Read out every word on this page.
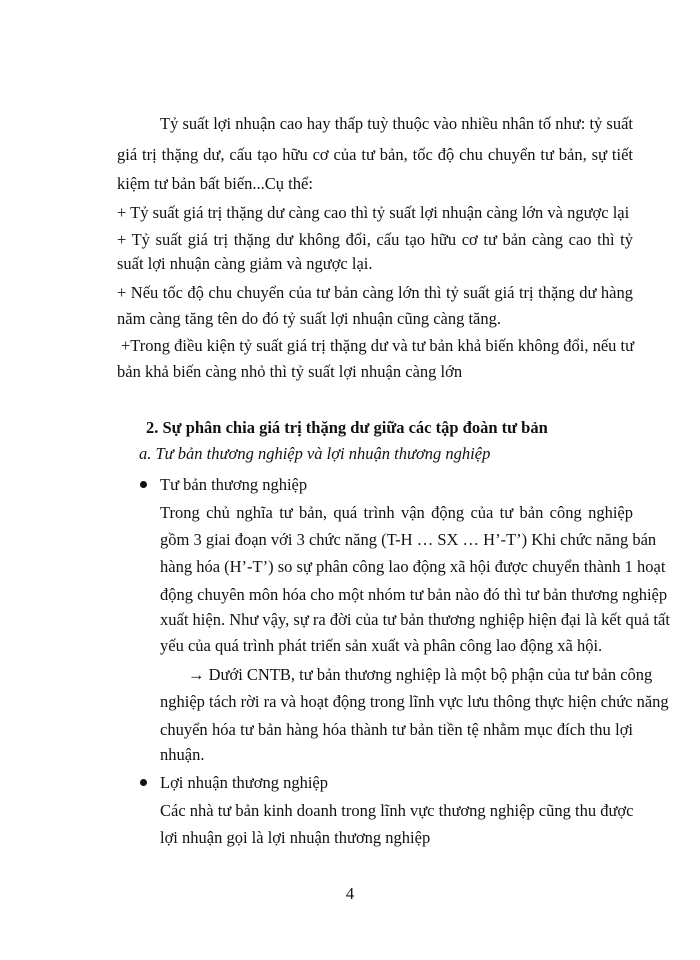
Tỷ suất lợi nhuận cao hay thấp tuỳ thuộc vào nhiều nhân tố như: tỷ suất

giá trị thặng dư, cấu tạo hữu cơ của tư bản, tốc độ chu chuyển tư bản, sự tiết

kiệm tư bản bất biến...Cụ thể:

+ Tỷ suất giá trị thặng dư càng cao thì tỷ suất lợi nhuận càng lớn và ngược lại

+ Tỷ suất giá trị thặng dư không đổi, cấu tạo hữu cơ tư bản càng cao thì tỷ

suất lợi nhuận càng giảm và ngược lại.

+ Nếu tốc độ chu chuyển của tư bản càng lớn thì tỷ suất giá trị thặng dư hàng

năm càng tăng tên do đó tỷ suất lợi nhuận cũng càng tăng.

+Trong điều kiện tỷ suất giá trị thặng dư và tư bản khả biến không đổi, nếu tư

bản khả biến càng nhỏ thì tỷ suất lợi nhuận càng lớn

2. Sự phân chia giá trị thặng dư giữa các tập đoàn tư bản

a. Tư bản thương nghiệp và lợi nhuận thương nghiệp

Tư bản thương nghiệp

Trong chủ nghĩa tư bản, quá trình vận động của tư bản công nghiệp

gồm 3 giai đoạn với 3 chức năng (T-H … SX … H’-T’) Khi chức năng bán

hàng hóa (H’-T’) so sự phân công lao động xã hội được chuyển thành 1 hoạt

động chuyên môn hóa cho một nhóm tư bản nào đó thì tư bản thương nghiệp

xuất hiện. Như vậy, sự ra đời của tư bản thương nghiệp hiện đại là kết quả tất

yếu của quá trình phát triển sản xuất và phân công lao động xã hội.

→ Dưới CNTB, tư bản thương nghiệp là một bộ phận của tư bản công

nghiệp tách rời ra và hoạt động trong lĩnh vực lưu thông thực hiện chức năng

chuyển hóa tư bản hàng hóa thành tư bản tiền tệ nhằm mục đích thu lợi

nhuận.

Lợi nhuận thương nghiệp

Các nhà tư bản kinh doanh trong lĩnh vực thương nghiệp cũng thu được

lợi nhuận gọi là lợi nhuận thương nghiệp

4
